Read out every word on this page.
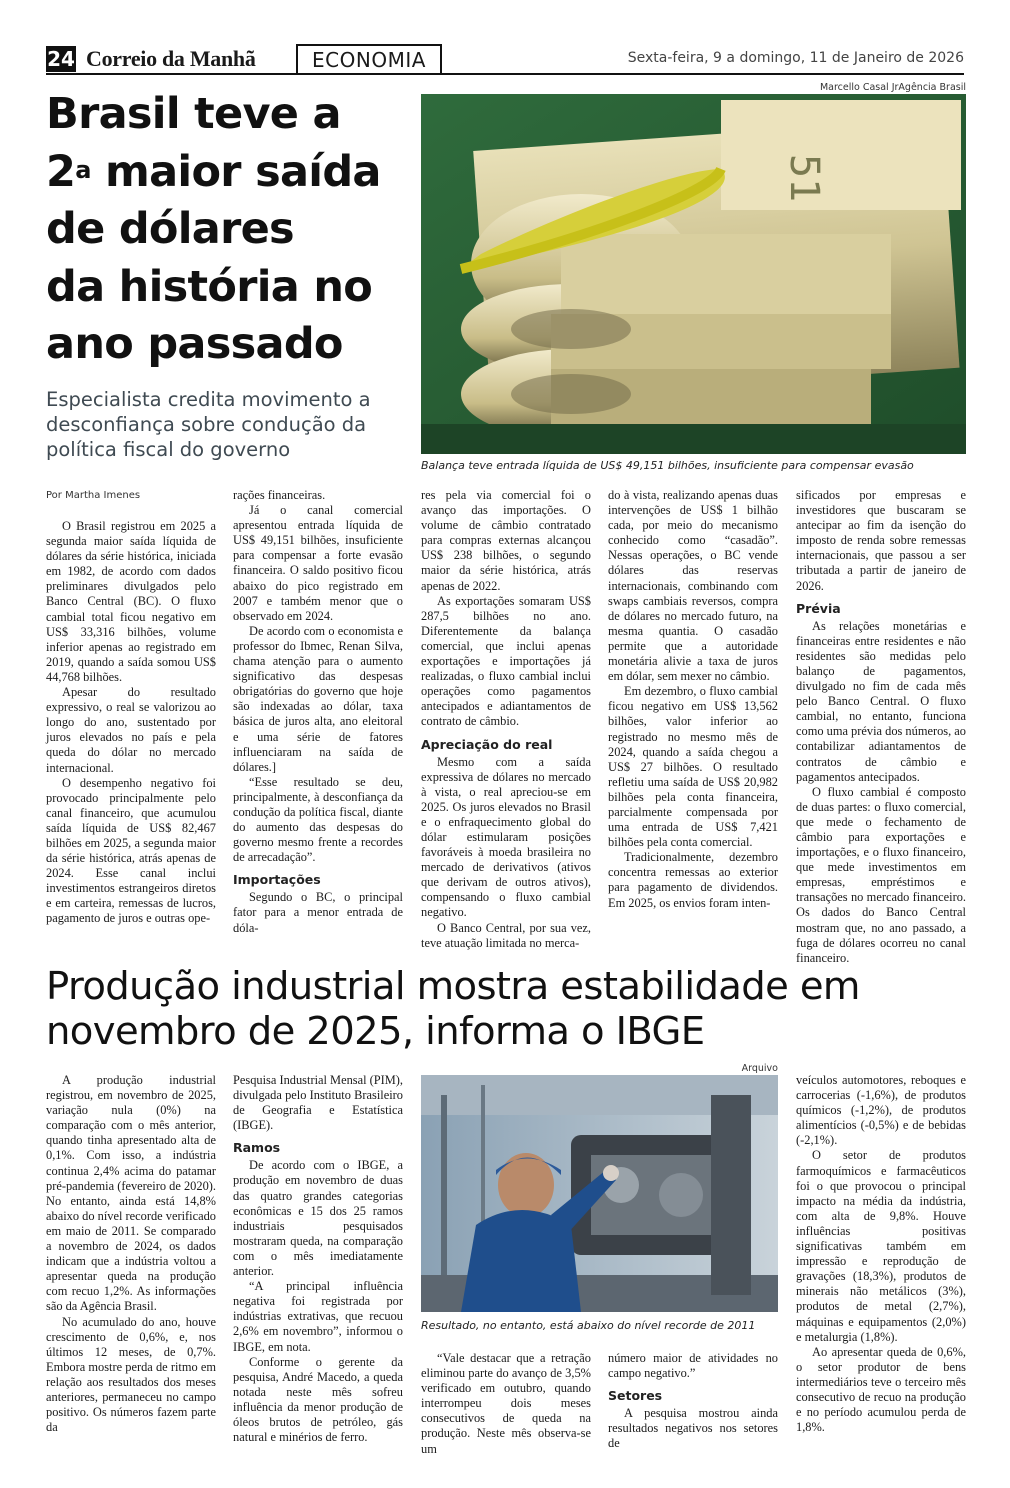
24 Correio da Manhã	ECONOMIA	Sexta-feira, 9 a domingo, 11 de Janeiro de 2026
Brasil teve a
2$^a$ maior saída
de dólares
da história no
ano passado
Especialista credita movimento a desconfiança sobre condução da política fiscal do governo
Marcello Casal JrAgência Brasil
51
Balança teve entrada líquida de US$ 49,151 bilhões, insuficiente para compensar evasão
Por Martha Imenes

O Brasil registrou em 2025 a segunda maior saída líquida de dólares da série histórica, iniciada em 1982, de acordo com dados preliminares divulgados pelo Banco Central (BC). O fluxo cambial total ficou negativo em US$ 33,316 bilhões, volume inferior apenas ao registrado em 2019, quando a saída somou US$ 44,768 bilhões.

Apesar do resultado expressivo, o real se valorizou ao longo do ano, sustentado por juros elevados no país e pela queda do dólar no mercado internacional.

O desempenho negativo foi provocado principalmente pelo canal financeiro, que acumulou saída líquida de US$ 82,467 bilhões em 2025, a segunda maior da série histórica, atrás apenas de 2024. Esse canal inclui investimentos estrangeiros diretos e em carteira, remessas de lucros, pagamento de juros e outras ope-

rações financeiras.

Já o canal comercial apresentou entrada líquida de US$ 49,151 bilhões, insuficiente para compensar a forte evasão financeira. O saldo positivo ficou abaixo do pico registrado em 2007 e também menor que o observado em 2024.

De acordo com o economista e professor do Ibmec, Renan Silva, chama atenção para o aumento significativo das despesas obrigatórias do governo que hoje são indexadas ao dólar, taxa básica de juros alta, ano eleitoral e uma série de fatores influenciaram na saída de dólares.]

“Esse resultado se deu, principalmente, à desconfiança da condução da política fiscal, diante do aumento das despesas do governo mesmo frente a recordes de arrecadação”.

Importações

Segundo o BC, o principal fator para a menor entrada de dóla-

res pela via comercial foi o avanço das importações. O volume de câmbio contratado para compras externas alcançou US$ 238 bilhões, o segundo maior da série histórica, atrás apenas de 2022.

As exportações somaram US$ 287,5 bilhões no ano. Diferentemente da balança comercial, que inclui apenas exportações e importações já realizadas, o fluxo cambial inclui operações como pagamentos antecipados e adiantamentos de contrato de câmbio.

Apreciação do real

Mesmo com a saída expressiva de dólares no mercado à vista, o real apreciou-se em 2025. Os juros elevados no Brasil e o enfraquecimento global do dólar estimularam posições favoráveis à moeda brasileira no mercado de derivativos (ativos que derivam de outros ativos), compensando o fluxo cambial negativo.

O Banco Central, por sua vez, teve atuação limitada no merca-

do à vista, realizando apenas duas intervenções de US$ 1 bilhão cada, por meio do mecanismo conhecido como “casadão”. Nessas operações, o BC vende dólares das reservas internacionais, combinando com swaps cambiais reversos, compra de dólares no mercado futuro, na mesma quantia. O casadão permite que a autoridade monetária alivie a taxa de juros em dólar, sem mexer no câmbio.

Em dezembro, o fluxo cambial ficou negativo em US$ 13,562 bilhões, valor inferior ao registrado no mesmo mês de 2024, quando a saída chegou a US$ 27 bilhões. O resultado refletiu uma saída de US$ 20,982 bilhões pela conta financeira, parcialmente compensada por uma entrada de US$ 7,421 bilhões pela conta comercial.

Tradicionalmente, dezembro concentra remessas ao exterior para pagamento de dividendos. Em 2025, os envios foram inten-

sificados por empresas e investidores que buscaram se antecipar ao fim da isenção do imposto de renda sobre remessas internacionais, que passou a ser tributada a partir de janeiro de 2026.

Prévia

As relações monetárias e financeiras entre residentes e não residentes são medidas pelo balanço de pagamentos, divulgado no fim de cada mês pelo Banco Central. O fluxo cambial, no entanto, funciona como uma prévia dos números, ao contabilizar adiantamentos de contratos de câmbio e pagamentos antecipados.

O fluxo cambial é composto de duas partes: o fluxo comercial, que mede o fechamento de câmbio para exportações e importações, e o fluxo financeiro, que mede investimentos em empresas, empréstimos e transações no mercado financeiro. Os dados do Banco Central mostram que, no ano passado, a fuga de dólares ocorreu no canal financeiro.

Produção industrial mostra estabilidade em novembro de 2025, informa o IBGE
Arquivo
Resultado, no entanto, está abaixo do nível recorde de 2011

A produção industrial registrou, em novembro de 2025, variação nula (0%) na comparação com o mês anterior, quando tinha apresentado alta de 0,1%. Com isso, a indústria continua 2,4% acima do patamar pré-pandemia (fevereiro de 2020). No entanto, ainda está 14,8% abaixo do nível recorde verificado em maio de 2011. Se comparado a novembro de 2024, os dados indicam que a indústria voltou a apresentar queda na produção com recuo 1,2%. As informações são da Agência Brasil.

No acumulado do ano, houve crescimento de 0,6%, e, nos últimos 12 meses, de 0,7%. Embora mostre perda de ritmo em relação aos resultados dos meses anteriores, permaneceu no campo positivo. Os números fazem parte da

Pesquisa Industrial Mensal (PIM), divulgada pelo Instituto Brasileiro de Geografia e Estatística (IBGE).

Ramos

De acordo com o IBGE, a produção em novembro de duas das quatro grandes categorias econômicas e 15 dos 25 ramos industriais pesquisados mostraram queda, na comparação com o mês imediatamente anterior.

“A principal influência negativa foi registrada por indústrias extrativas, que recuou 2,6% em novembro”, informou o IBGE, em nota.

Conforme o gerente da pesquisa, André Macedo, a queda notada neste mês sofreu influência da menor produção de óleos brutos de petróleo, gás natural e minérios de ferro.

“Vale destacar que a retração eliminou parte do avanço de 3,5% verificado em outubro, quando interrompeu dois meses consecutivos de queda na produção. Neste mês observa-se um

número maior de atividades no campo negativo.”

Setores

A pesquisa mostrou ainda resultados negativos nos setores de

veículos automotores, reboques e carrocerias (-1,6%), de produtos químicos (-1,2%), de produtos alimentícios (-0,5%) e de bebidas (-2,1%).

O setor de produtos farmoquímicos e farmacêuticos foi o que provocou o principal impacto na média da indústria, com alta de 9,8%. Houve influências positivas significativas também em impressão e reprodução de gravações (18,3%), produtos de minerais não metálicos (3%), produtos de metal (2,7%), máquinas e equipamentos (2,0%) e metalurgia (1,8%).

Ao apresentar queda de 0,6%, o setor produtor de bens intermediários teve o terceiro mês consecutivo de recuo na produção e no período acumulou perda de 1,8%.
